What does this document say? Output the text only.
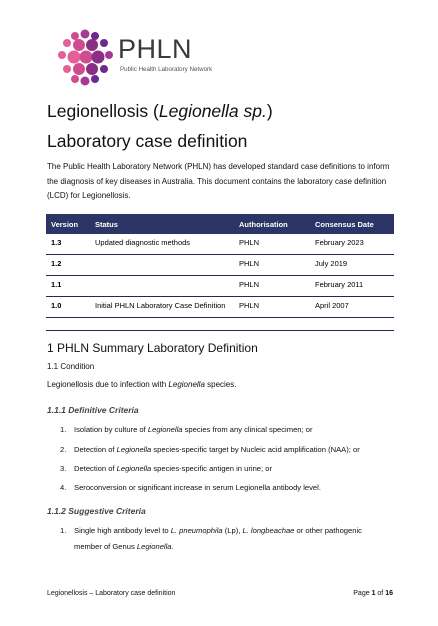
PHLN
Public Health Laboratory Network
Legionellosis (Legionella sp.)
Laboratory case definition
The Public Health Laboratory Network (PHLN) has developed standard case definitions to inform the diagnosis of key diseases in Australia. This document contains the laboratory case definition (LCD) for Legionellosis.
Version	Status	Authorisation	Consensus Date
1.3	Updated diagnostic methods	PHLN	February 2023
1.2		PHLN	July 2019
1.1		PHLN	February 2011
1.0	Initial PHLN Laboratory Case Definition	PHLN	April 2007
1 PHLN Summary Laboratory Definition
1.1 Condition
Legionellosis due to infection with Legionella species.
1.1.1 Definitive Criteria
1. Isolation by culture of Legionella species from any clinical specimen; or
2. Detection of Legionella species-specific target by Nucleic acid amplification (NAA); or
3. Detection of Legionella species-specific antigen in urine; or
4. Seroconversion or significant increase in serum Legionella antibody level.
1.1.2 Suggestive Criteria
1. Single high antibody level to L. pneumophila (Lp), L. longbeachae or other pathogenic
member of Genus Legionella.
Legionellosis – Laboratory case definition	Page 1 of 16
